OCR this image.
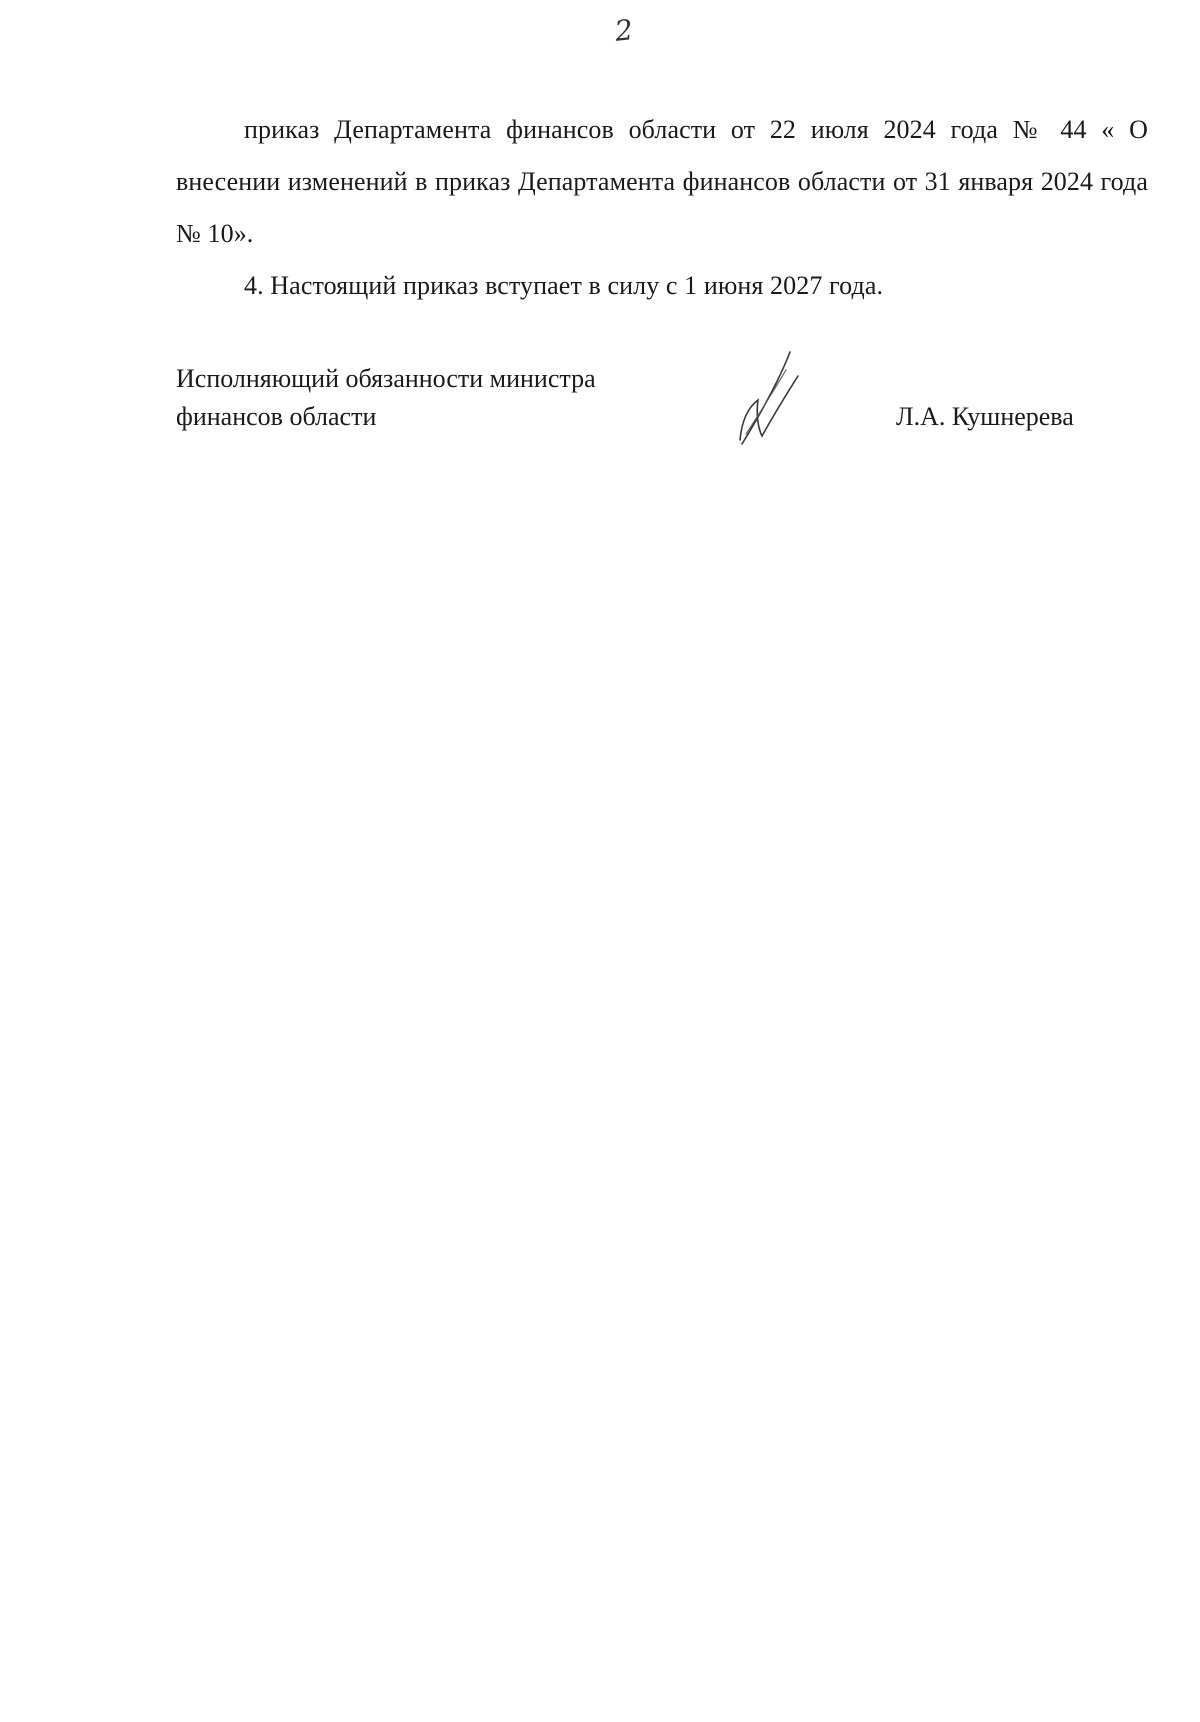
2

приказ Департамента финансов области от 22 июля 2024 года № 44 « О внесении изменений в приказ Департамента финансов области от 31 января 2024 года № 10».

4. Настоящий приказ вступает в силу с 1 июня 2027 года.

Исполняющий обязанности министра
финансов области	Л.А. Кушнерева
